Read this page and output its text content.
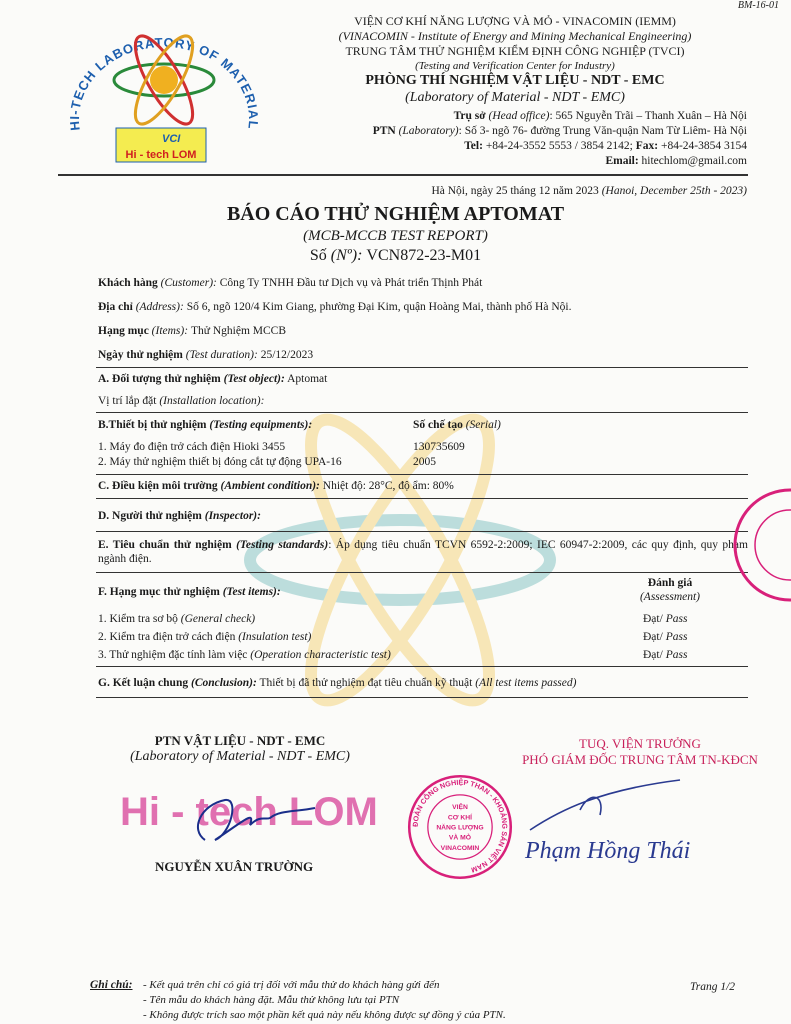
BM-16-01
HI-TECH LABORATORY OF MATERIAL
VCI
Hi - tech LOM
VIỆN CƠ KHÍ NĂNG LƯỢNG VÀ MỎ - VINACOMIN (IEMM)
(VINACOMIN - Institute of Energy and Mining Mechanical Engineering)
TRUNG TÂM THỬ NGHIỆM KIỂM ĐỊNH CÔNG NGHIỆP (TVCI)
(Testing and Verification Center for Industry)
PHÒNG THÍ NGHIỆM VẬT LIỆU - NDT - EMC
(Laboratory of Material - NDT - EMC)
Trụ sở (Head office): 565 Nguyễn Trãi – Thanh Xuân – Hà Nội
PTN (Laboratory): Số 3- ngõ 76- đường Trung Văn-quận Nam Từ Liêm- Hà Nội
Tel: +84-24-3552 5553 / 3854 2142; Fax: +84-24-3854 3154
Email: hitechlom@gmail.com
Hà Nội, ngày 25 tháng 12 năm 2023 (Hanoi, December 25th - 2023)
BÁO CÁO THỬ NGHIỆM APTOMAT
(MCB-MCCB TEST REPORT)
Số (Nº): VCN872-23-M01
Khách hàng (Customer): Công Ty TNHH Đầu tư Dịch vụ và Phát triển Thịnh Phát
Địa chỉ (Address): Số 6, ngõ 120/4 Kim Giang, phường Đại Kim, quận Hoàng Mai, thành phố Hà Nội.
Hạng mục (Items): Thử Nghiệm MCCB
Ngày thử nghiệm (Test duration): 25/12/2023
A. Đối tượng thử nghiệm (Test object): Aptomat
Vị trí lắp đặt (Installation location):
B.Thiết bị thử nghiệm (Testing equipments):	Số chế tạo (Serial)
1. Máy đo điện trở cách điện Hioki 3455	130735609
2. Máy thử nghiệm thiết bị đóng cắt tự động UPA-16	2005
C. Điều kiện môi trường (Ambient condition): Nhiệt độ: 28°C, độ ẩm: 80%
D. Người thử nghiệm (Inspector):
E. Tiêu chuẩn thử nghiệm (Testing standards): Áp dụng tiêu chuẩn TCVN 6592-2:2009; IEC 60947-2:2009, các quy định, quy phạm ngành điện.
F. Hạng mục thử nghiệm (Test items):
Đánh giá
(Assessment)
1. Kiểm tra sơ bộ (General check)	Đạt/ Pass
2. Kiểm tra điện trở cách điện (Insulation test)	Đạt/ Pass
3. Thử nghiệm đặc tính làm việc (Operation characteristic test)	Đạt/ Pass
G. Kết luận chung (Conclusion): Thiết bị đã thử nghiệm đạt tiêu chuẩn kỹ thuật (All test items passed)
PTN VẬT LIỆU - NDT - EMC
(Laboratory of Material - NDT - EMC)
Hi - tech LOM
NGUYỄN XUÂN TRƯỜNG
TUQ. VIỆN TRƯỞNG
PHÓ GIÁM ĐỐC TRUNG TÂM TN-KĐCN
Phạm Hồng Thái
ĐOÀN CÔNG NGHIỆP THAN - KHOÁNG SẢN VIỆT NAM
VIỆN
CƠ KHÍ
NĂNG LƯỢNG
VÀ MỎ
VINACOMIN
Ghi chú: - Kết quả trên chỉ có giá trị đối với mẫu thử do khách hàng gửi đến
- Tên mẫu do khách hàng đặt. Mẫu thử không lưu tại PTN
- Không được trích sao một phần kết quả này nếu không được sự đồng ý của PTN.
Trang 1/2
